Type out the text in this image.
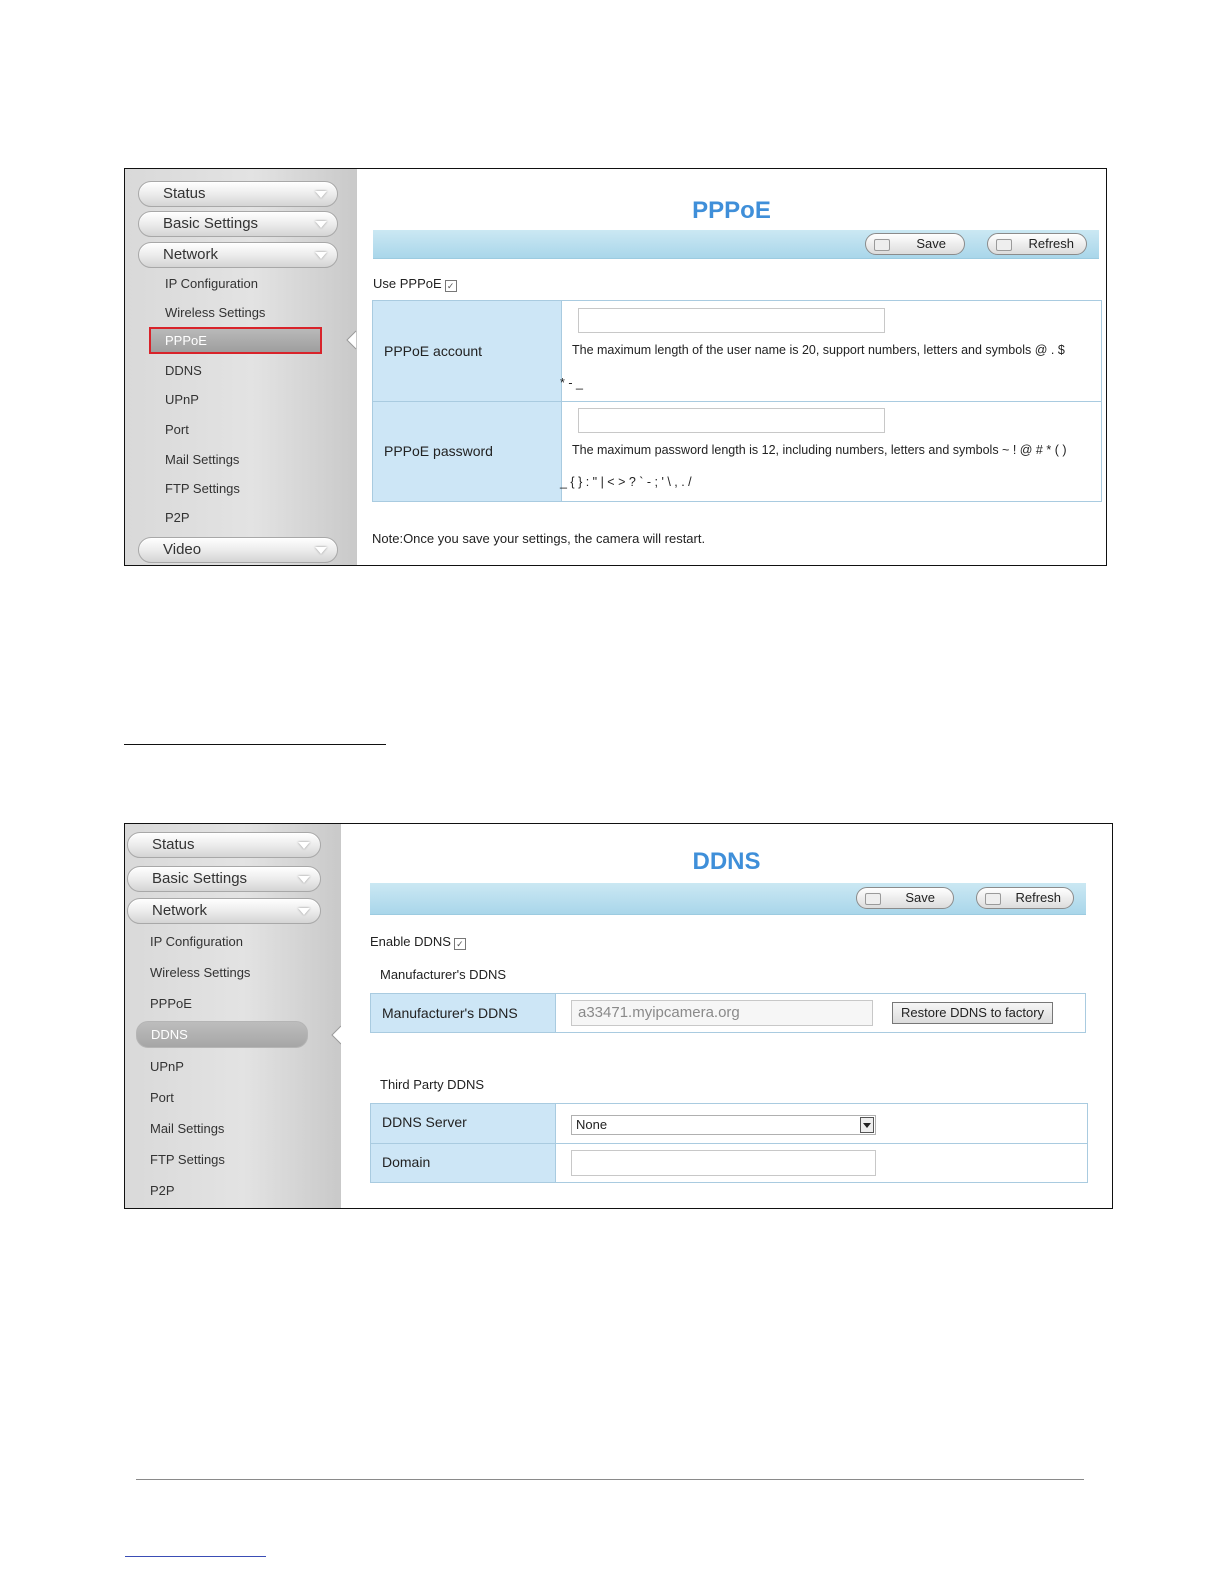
Status
Basic Settings
Network
IP Configuration
Wireless Settings
PPPoE
DDNS
UPnP
Port
Mail Settings
FTP Settings
P2P
Video
PPPoE
Save	Refresh
Use PPPoE ✓
PPPoE account	The maximum length of the user name is 20, support numbers, letters and symbols @ . $
* - _
PPPoE password	The maximum password length is 12, including numbers, letters and symbols ~ ! @ # * ( )
_ { } : " | < > ? ` - ; ' \ , . /
Note:Once you save your settings, the camera will restart.
Status
Basic Settings
Network
IP Configuration
Wireless Settings
PPPoE
DDNS
UPnP
Port
Mail Settings
FTP Settings
P2P
DDNS
Save	Refresh
Enable DDNS ✓
Manufacturer's DDNS
Manufacturer's DDNS	a33471.myipcamera.org	Restore DDNS to factory
Third Party DDNS
DDNS Server	None
Domain
